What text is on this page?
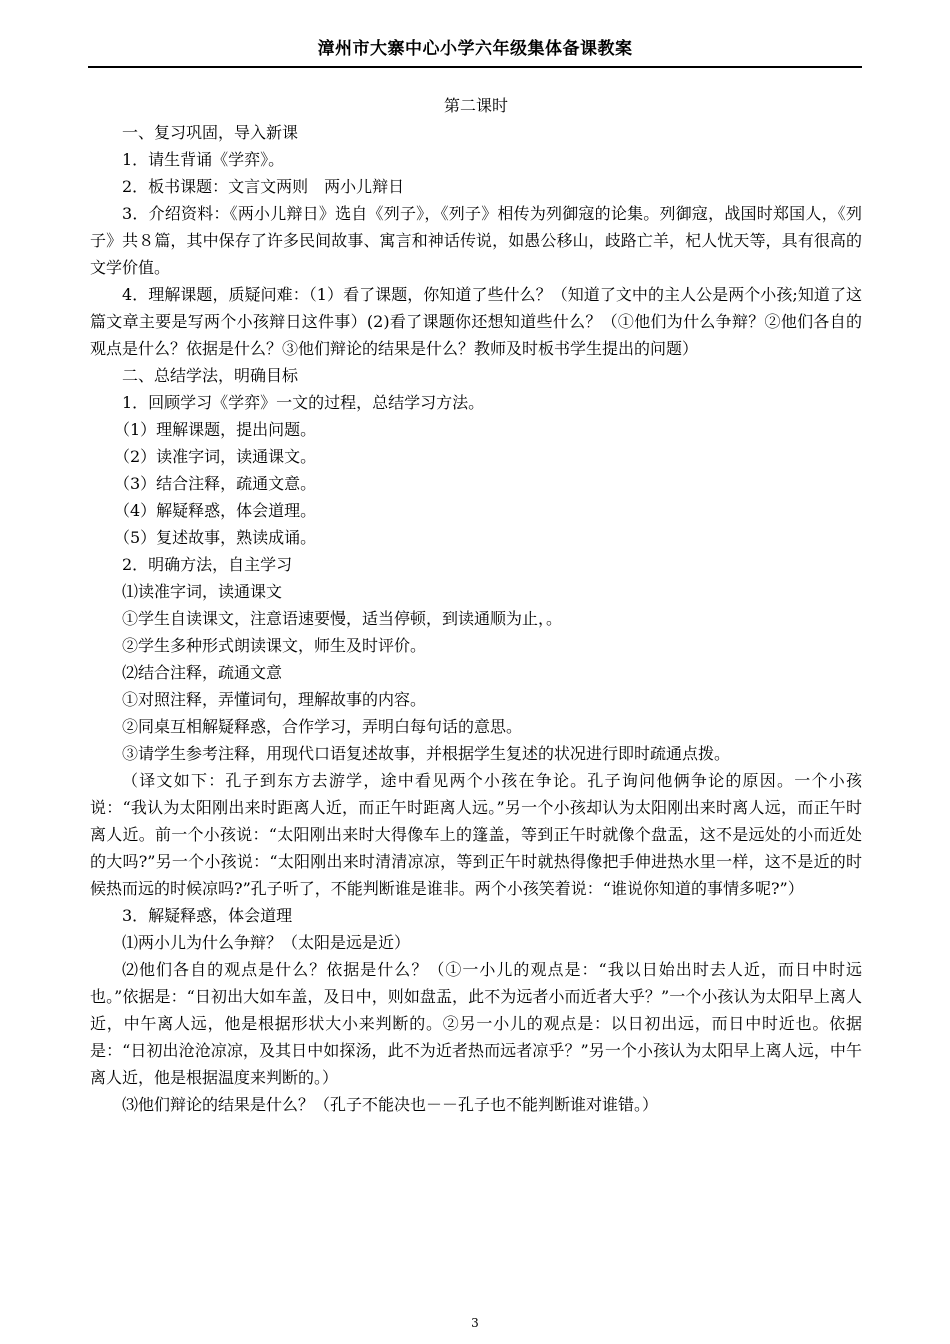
漳州市大寨中心小学六年级集体备课教案

第二课时

一、复习巩固，导入新课

1．请生背诵《学弈》。

2．板书课题：文言文两则　两小儿辩日

3．介绍资料：《两小儿辩日》选自《列子》，《列子》相传为列御寇的论集。列御寇，战国时郑国人，《列子》共８篇，其中保存了许多民间故事、寓言和神话传说，如愚公移山，歧路亡羊，杞人忧天等，具有很高的文学价值。

4．理解课题，质疑问难：（1）看了课题，你知道了些什么？（知道了文中的主人公是两个小孩;知道了这篇文章主要是写两个小孩辩日这件事）(2)看了课题你还想知道些什么？（①他们为什么争辩？②他们各自的观点是什么？依据是什么？③他们辩论的结果是什么？教师及时板书学生提出的问题）

二、总结学法，明确目标

1．回顾学习《学弈》一文的过程，总结学习方法。

（1）理解课题，提出问题。

（2）读准字词，读通课文。

（3）结合注释，疏通文意。

（4）解疑释惑，体会道理。

（5）复述故事，熟读成诵。

2．明确方法，自主学习

⑴读准字词，读通课文

①学生自读课文，注意语速要慢，适当停顿，到读通顺为止，。

②学生多种形式朗读课文，师生及时评价。

⑵结合注释，疏通文意

①对照注释，弄懂词句，理解故事的内容。

②同桌互相解疑释惑，合作学习，弄明白每句话的意思。

③请学生参考注释，用现代口语复述故事，并根据学生复述的状况进行即时疏通点拨。

（译文如下：孔子到东方去游学，途中看见两个小孩在争论。孔子询问他俩争论的原因。一个小孩说：“我认为太阳刚出来时距离人近，而正午时距离人远。”另一个小孩却认为太阳刚出来时离人远，而正午时离人近。前一个小孩说：“太阳刚出来时大得像车上的篷盖，等到正午时就像个盘盂，这不是远处的小而近处的大吗?”另一个小孩说：“太阳刚出来时清清凉凉，等到正午时就热得像把手伸进热水里一样，这不是近的时候热而远的时候凉吗?”孔子听了，不能判断谁是谁非。两个小孩笑着说：“谁说你知道的事情多呢?”）

3．解疑释惑，体会道理

⑴两小儿为什么争辩？（太阳是远是近）

⑵他们各自的观点是什么？依据是什么？（①一小儿的观点是：“我以日始出时去人近，而日中时远也。”依据是：“日初出大如车盖，及日中，则如盘盂，此不为远者小而近者大乎？”一个小孩认为太阳早上离人近，中午离人远，他是根据形状大小来判断的。②另一小儿的观点是：以日初出远，而日中时近也。依据是：“日初出沧沧凉凉，及其日中如探汤，此不为近者热而远者凉乎？”另一个小孩认为太阳早上离人远，中午离人近，他是根据温度来判断的。）

⑶他们辩论的结果是什么？（孔子不能决也－－孔子也不能判断谁对谁错。）

3
